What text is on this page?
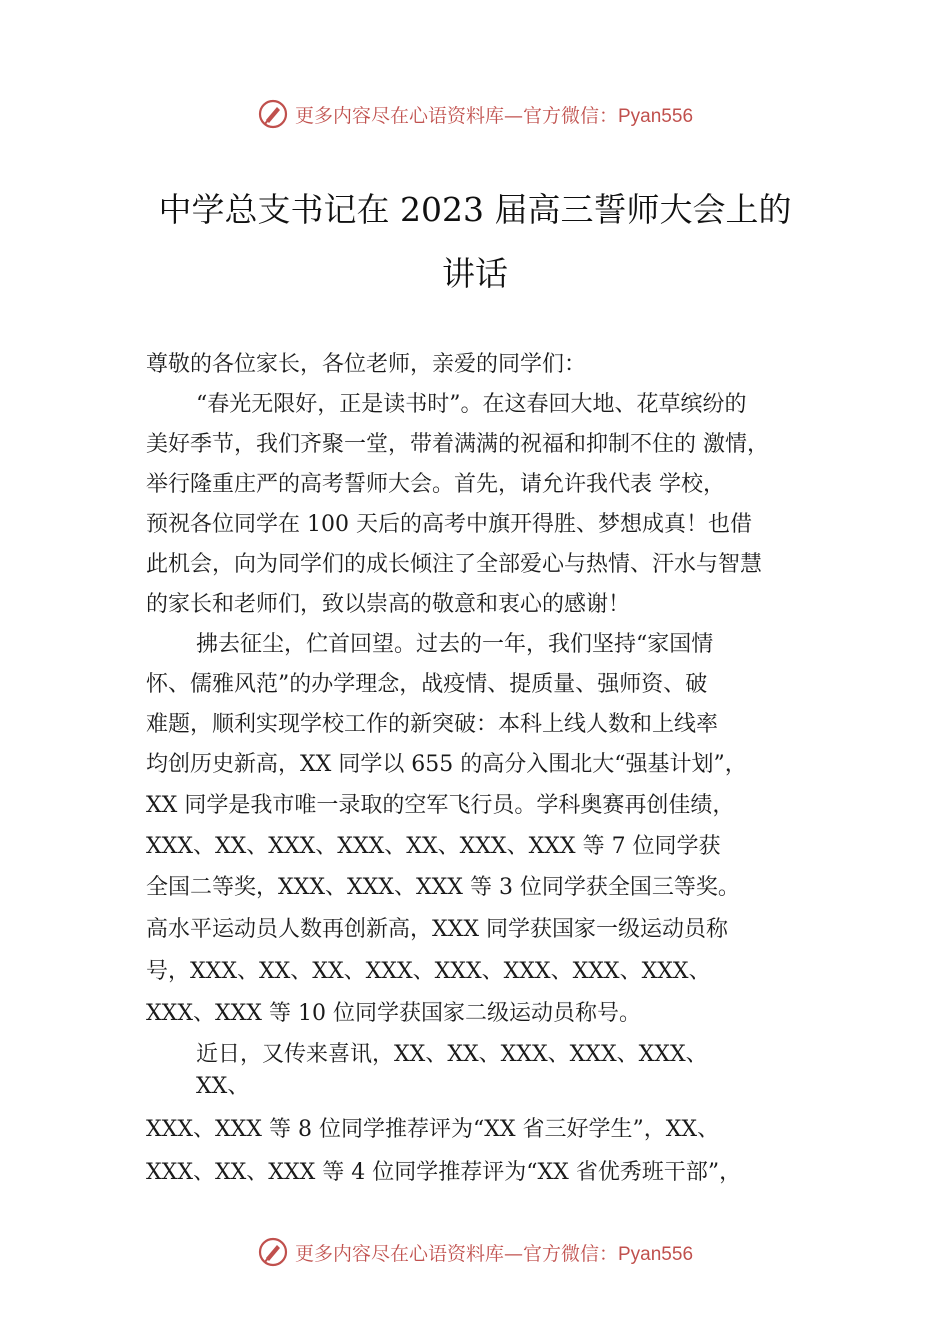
更多内容尽在心语资料库—官方微信：Pyan556
中学总支书记在 2023 届高三誓师大会上的
讲话
尊敬的各位家长，各位老师，亲爱的同学们：
“春光无限好，正是读书时”。在这春回大地、花草缤纷的
美好季节，我们齐聚一堂，带着满满的祝福和抑制不住的 激情，
举行隆重庄严的高考誓师大会。首先，请允许我代表 学校，
预祝各位同学在 100 天后的高考中旗开得胜、梦想成真！也借
此机会，向为同学们的成长倾注了全部爱心与热情、汗水与智慧
的家长和老师们，致以崇高的敬意和衷心的感谢！
拂去征尘，伫首回望。过去的一年，我们坚持“家国情
怀、儒雅风范”的办学理念，战疫情、提质量、强师资、破
难题，顺利实现学校工作的新突破：本科上线人数和上线率
均创历史新高，XX 同学以 655 的高分入围北大“强基计划”，
XX 同学是我市唯一录取的空军飞行员。学科奥赛再创佳绩，
XXX、XX、XXX、XXX、XX、XXX、XXX 等 7 位同学获
全国二等奖，XXX、XXX、XXX 等 3 位同学获全国三等奖。
高水平运动员人数再创新高，XXX 同学获国家一级运动员称
号，XXX、XX、XX、XXX、XXX、XXX、XXX、XXX、
XXX、XXX 等 10 位同学获国家二级运动员称号。
近日，又传来喜讯，XX、XX、XXX、XXX、XXX、
XX、
XXX、XXX 等 8 位同学推荐评为“XX 省三好学生”，XX、
XXX、XX、XXX 等 4 位同学推荐评为“XX 省优秀班干部”，
更多内容尽在心语资料库—官方微信：Pyan556
